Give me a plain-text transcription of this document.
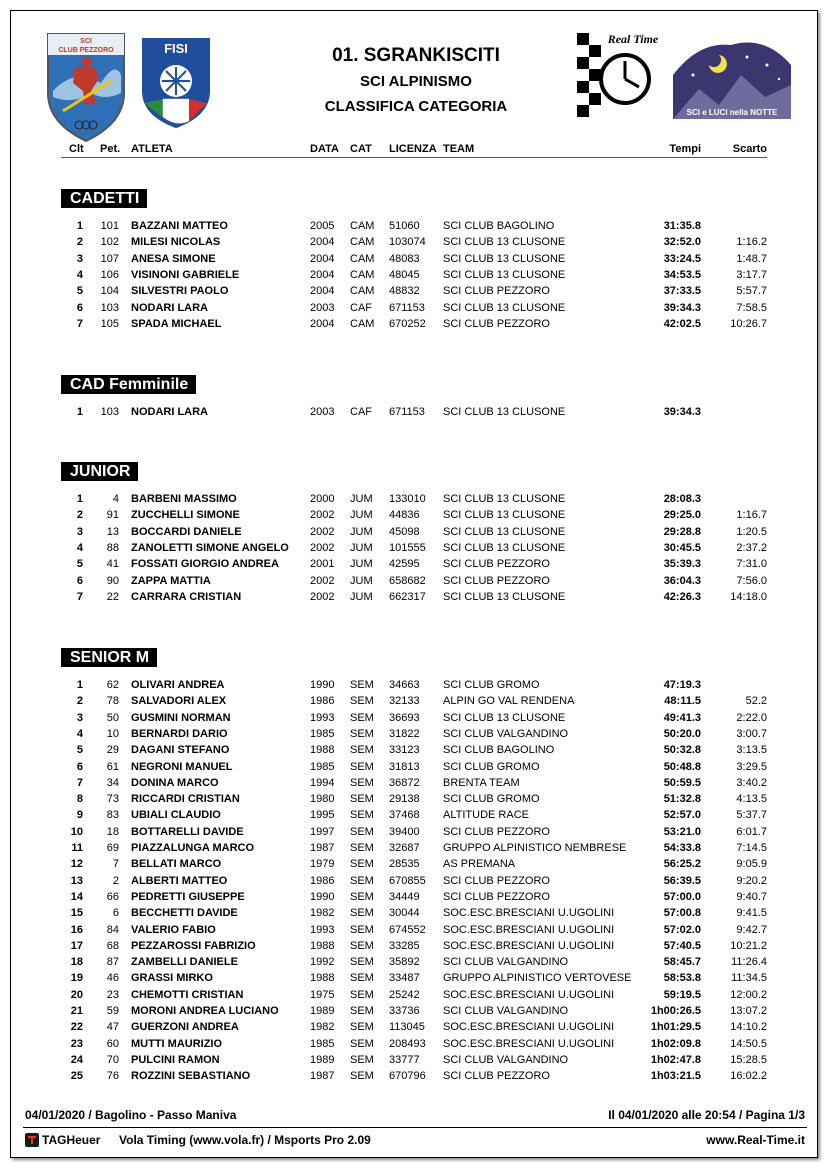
SCI
CLUB PEZZORO	FISI
Real Time
SCI e LUCI nella NOTTE
01. SGRANKISCITI
SCI ALPINISMO
CLASSIFICA CATEGORIA
Clt Pet. ATLETA	DATA CAT LICENZA TEAM	Tempi	Scarto
CADETTI
1	101 BAZZANI MATTEO	2005 CAM 51060 SCI CLUB BAGOLINO	31:35.8
2	102 MILESI NICOLAS	2004 CAM 103074 SCI CLUB 13 CLUSONE	32:52.0	1:16.2
3	107 ANESA SIMONE	2004 CAM 48083 SCI CLUB 13 CLUSONE	33:24.5	1:48.7
4	106 VISINONI GABRIELE	2004 CAM 48045 SCI CLUB 13 CLUSONE	34:53.5	3:17.7
5	104 SILVESTRI PAOLO	2004 CAM 48832 SCI CLUB PEZZORO	37:33.5	5:57.7
6	103 NODARI LARA	2003 CAF 671153 SCI CLUB 13 CLUSONE	39:34.3	7:58.5
7	105 SPADA MICHAEL	2004 CAM 670252 SCI CLUB PEZZORO	42:02.5	10:26.7
CAD Femminile
1	103 NODARI LARA	2003 CAF 671153 SCI CLUB 13 CLUSONE	39:34.3
JUNIOR
1	4 BARBENI MASSIMO	2000 JUM 133010 SCI CLUB 13 CLUSONE	28:08.3
2	91 ZUCCHELLI SIMONE	2002 JUM 44836 SCI CLUB 13 CLUSONE	29:25.0	1:16.7
3	13 BOCCARDI DANIELE	2002 JUM 45098 SCI CLUB 13 CLUSONE	29:28.8	1:20.5
4	88 ZANOLETTI SIMONE ANGELO 2002 JUM 101555 SCI CLUB 13 CLUSONE	30:45.5	2:37.2
5	41 FOSSATI GIORGIO ANDREA	2001 JUM 42595 SCI CLUB PEZZORO	35:39.3	7:31.0
6	90 ZAPPA MATTIA	2002 JUM 658682 SCI CLUB PEZZORO	36:04.3	7:56.0
7	22 CARRARA CRISTIAN	2002 JUM 662317 SCI CLUB 13 CLUSONE	42:26.3	14:18.0
SENIOR M
1	62 OLIVARI ANDREA	1990 SEM 34663 SCI CLUB GROMO	47:19.3
2	78 SALVADORI ALEX	1986 SEM 32133 ALPIN GO VAL RENDENA	48:11.5	52.2
3	50 GUSMINI NORMAN	1993 SEM 36693 SCI CLUB 13 CLUSONE	49:41.3	2:22.0
4	10 BERNARDI DARIO	1985 SEM 31822 SCI CLUB VALGANDINO	50:20.0	3:00.7
5	29 DAGANI STEFANO	1988 SEM 33123 SCI CLUB BAGOLINO	50:32.8	3:13.5
6	61 NEGRONI MANUEL	1985 SEM 31813 SCI CLUB GROMO	50:48.8	3:29.5
7	34 DONINA MARCO	1994 SEM 36872 BRENTA TEAM	50:59.5	3:40.2
8	73 RICCARDI CRISTIAN	1980 SEM 29138 SCI CLUB GROMO	51:32.8	4:13.5
9	83 UBIALI CLAUDIO	1995 SEM 37468 ALTITUDE RACE	52:57.0	5:37.7
10	18 BOTTARELLI DAVIDE	1997 SEM 39400 SCI CLUB PEZZORO	53:21.0	6:01.7
11	69 PIAZZALUNGA MARCO	1987 SEM 32687 GRUPPO ALPINISTICO NEMBRESE	54:33.8	7:14.5
12	7 BELLATI MARCO	1979 SEM 28535 AS PREMANA	56:25.2	9:05.9
13	2 ALBERTI MATTEO	1986 SEM 670855 SCI CLUB PEZZORO	56:39.5	9:20.2
14	66 PEDRETTI GIUSEPPE	1990 SEM 34449 SCI CLUB PEZZORO	57:00.0	9:40.7
15	6 BECCHETTI DAVIDE	1982 SEM 30044 SOC.ESC.BRESCIANI U.UGOLINI	57:00.8	9:41.5
16	84 VALERIO FABIO	1993 SEM 674552 SOC.ESC.BRESCIANI U.UGOLINI	57:02.0	9:42.7
17	68 PEZZAROSSI FABRIZIO	1988 SEM 33285 SOC.ESC.BRESCIANI U.UGOLINI	57:40.5	10:21.2
18	87 ZAMBELLI DANIELE	1992 SEM 35892 SCI CLUB VALGANDINO	58:45.7	11:26.4
19	46 GRASSI MIRKO	1988 SEM 33487 GRUPPO ALPINISTICO VERTOVESE	58:53.8	11:34.5
20	23 CHEMOTTI CRISTIAN	1975 SEM 25242 SOC.ESC.BRESCIANI U.UGOLINI	59:19.5	12:00.2
21	59 MORONI ANDREA LUCIANO	1989 SEM 33736 SCI CLUB VALGANDINO	1h00:26.5	13:07.2
22	47 GUERZONI ANDREA	1982 SEM 113045 SOC.ESC.BRESCIANI U.UGOLINI	1h01:29.5	14:10.2
23	60 MUTTI MAURIZIO	1985 SEM 208493 SOC.ESC.BRESCIANI U.UGOLINI	1h02:09.8	14:50.5
24	70 PULCINI RAMON	1989 SEM 33777 SCI CLUB VALGANDINO	1h02:47.8	15:28.5
25	76 ROZZINI SEBASTIANO	1987 SEM 670796 SCI CLUB PEZZORO	1h03:21.5	16:02.2
04/01/2020 / Bagolino - Passo Maniva	Il 04/01/2020 alle 20:54 / Pagina 1/3
TAGHeuer Vola Timing (www.vola.fr) / Msports Pro 2.09	www.Real-Time.it
